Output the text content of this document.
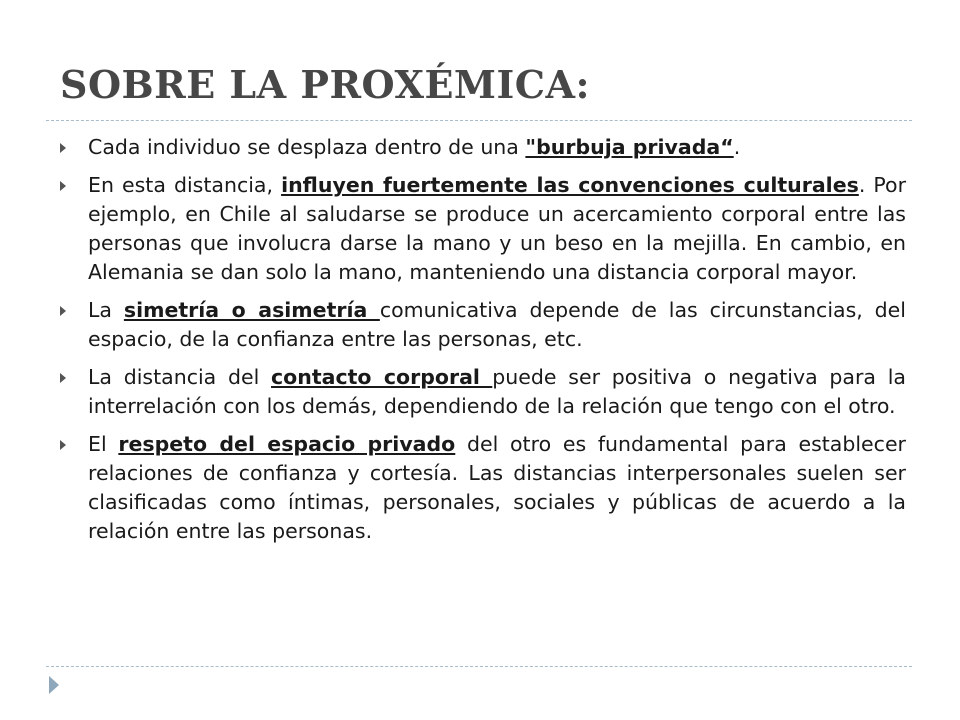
SOBRE LA PROXÉMICA:
Cada individuo se desplaza dentro de una "burbuja privada“.
En esta distancia, influyen fuertemente las convenciones culturales. Por ejemplo, en Chile al saludarse se produce un acercamiento corporal entre las personas que involucra darse la mano y un beso en la mejilla. En cambio, en Alemania se dan solo la mano, manteniendo una distancia corporal mayor.
La simetría o asimetría comunicativa depende de las circunstancias, del espacio, de la confianza entre las personas, etc.
La distancia del contacto corporal puede ser positiva o negativa para la interrelación con los demás, dependiendo de la relación que tengo con el otro.
El respeto del espacio privado del otro es fundamental para establecer relaciones de confianza y cortesía. Las distancias interpersonales suelen ser clasificadas como íntimas, personales, sociales y públicas de acuerdo a la relación entre las personas.
